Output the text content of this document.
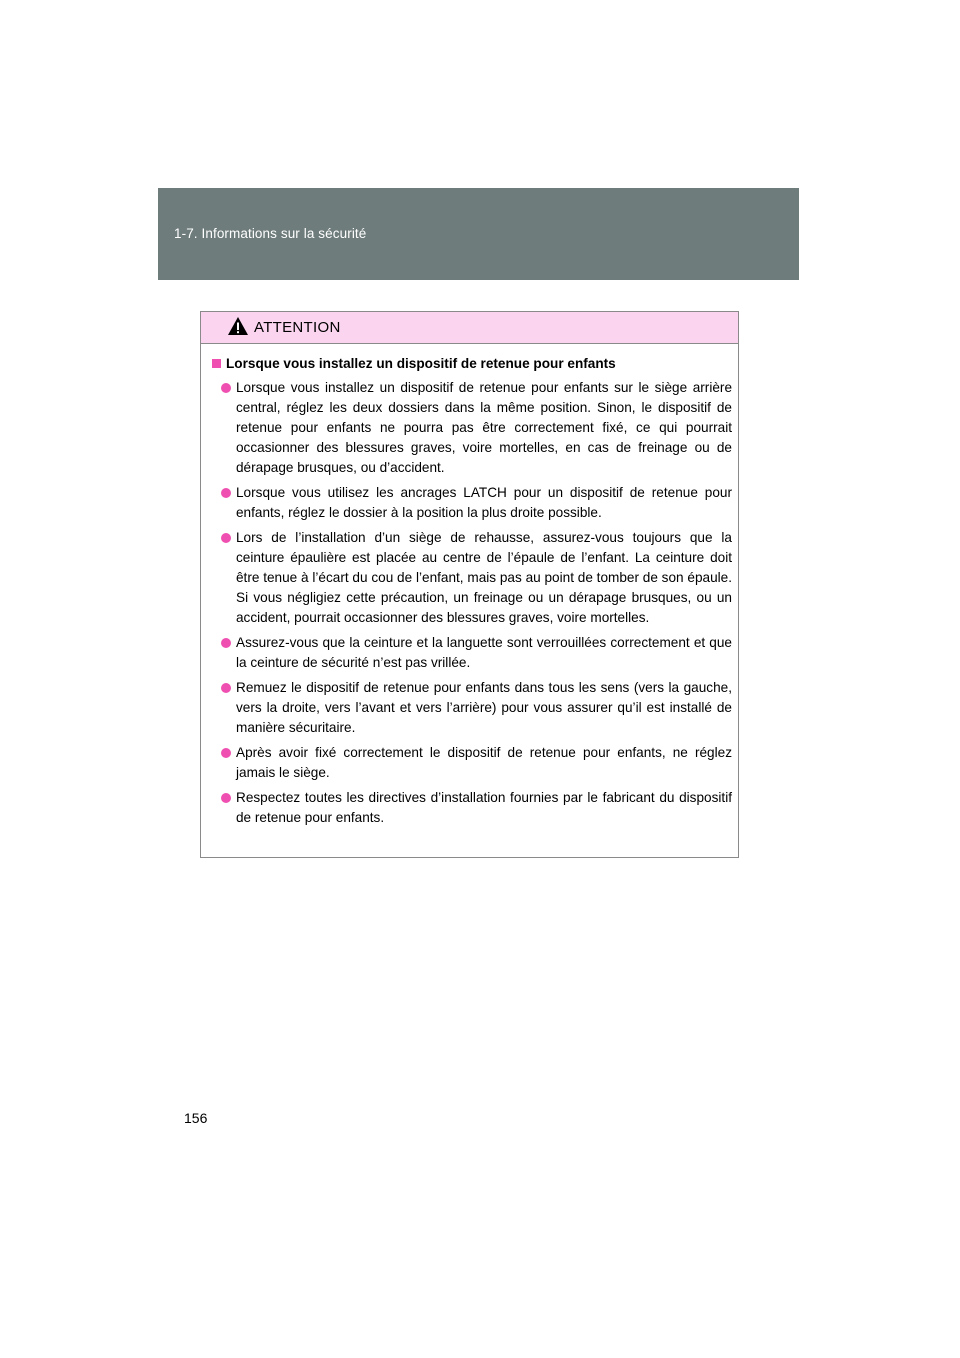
1-7. Informations sur la sécurité
ATTENTION
Lorsque vous installez un dispositif de retenue pour enfants
Lorsque vous installez un dispositif de retenue pour enfants sur le siège arrière central, réglez les deux dossiers dans la même position. Sinon, le dispositif de retenue pour enfants ne pourra pas être correctement fixé, ce qui pourrait occasionner des blessures graves, voire mortelles, en cas de freinage ou de dérapage brusques, ou d’accident.
Lorsque vous utilisez les ancrages LATCH pour un dispositif de retenue pour enfants, réglez le dossier à la position la plus droite possible.
Lors de l’installation d’un siège de rehausse, assurez-vous toujours que la ceinture épaulière est placée au centre de l’épaule de l’enfant. La ceinture doit être tenue à l’écart du cou de l’enfant, mais pas au point de tomber de son épaule. Si vous négligiez cette précaution, un freinage ou un dérapage brusques, ou un accident, pourrait occasionner des blessures graves, voire mortelles.
Assurez-vous que la ceinture et la languette sont verrouillées correctement et que la ceinture de sécurité n’est pas vrillée.
Remuez le dispositif de retenue pour enfants dans tous les sens (vers la gauche, vers la droite, vers l’avant et vers l’arrière) pour vous assurer qu’il est installé de manière sécuritaire.
Après avoir fixé correctement le dispositif de retenue pour enfants, ne réglez jamais le siège.
Respectez toutes les directives d’installation fournies par le fabricant du dispositif de retenue pour enfants.
156
